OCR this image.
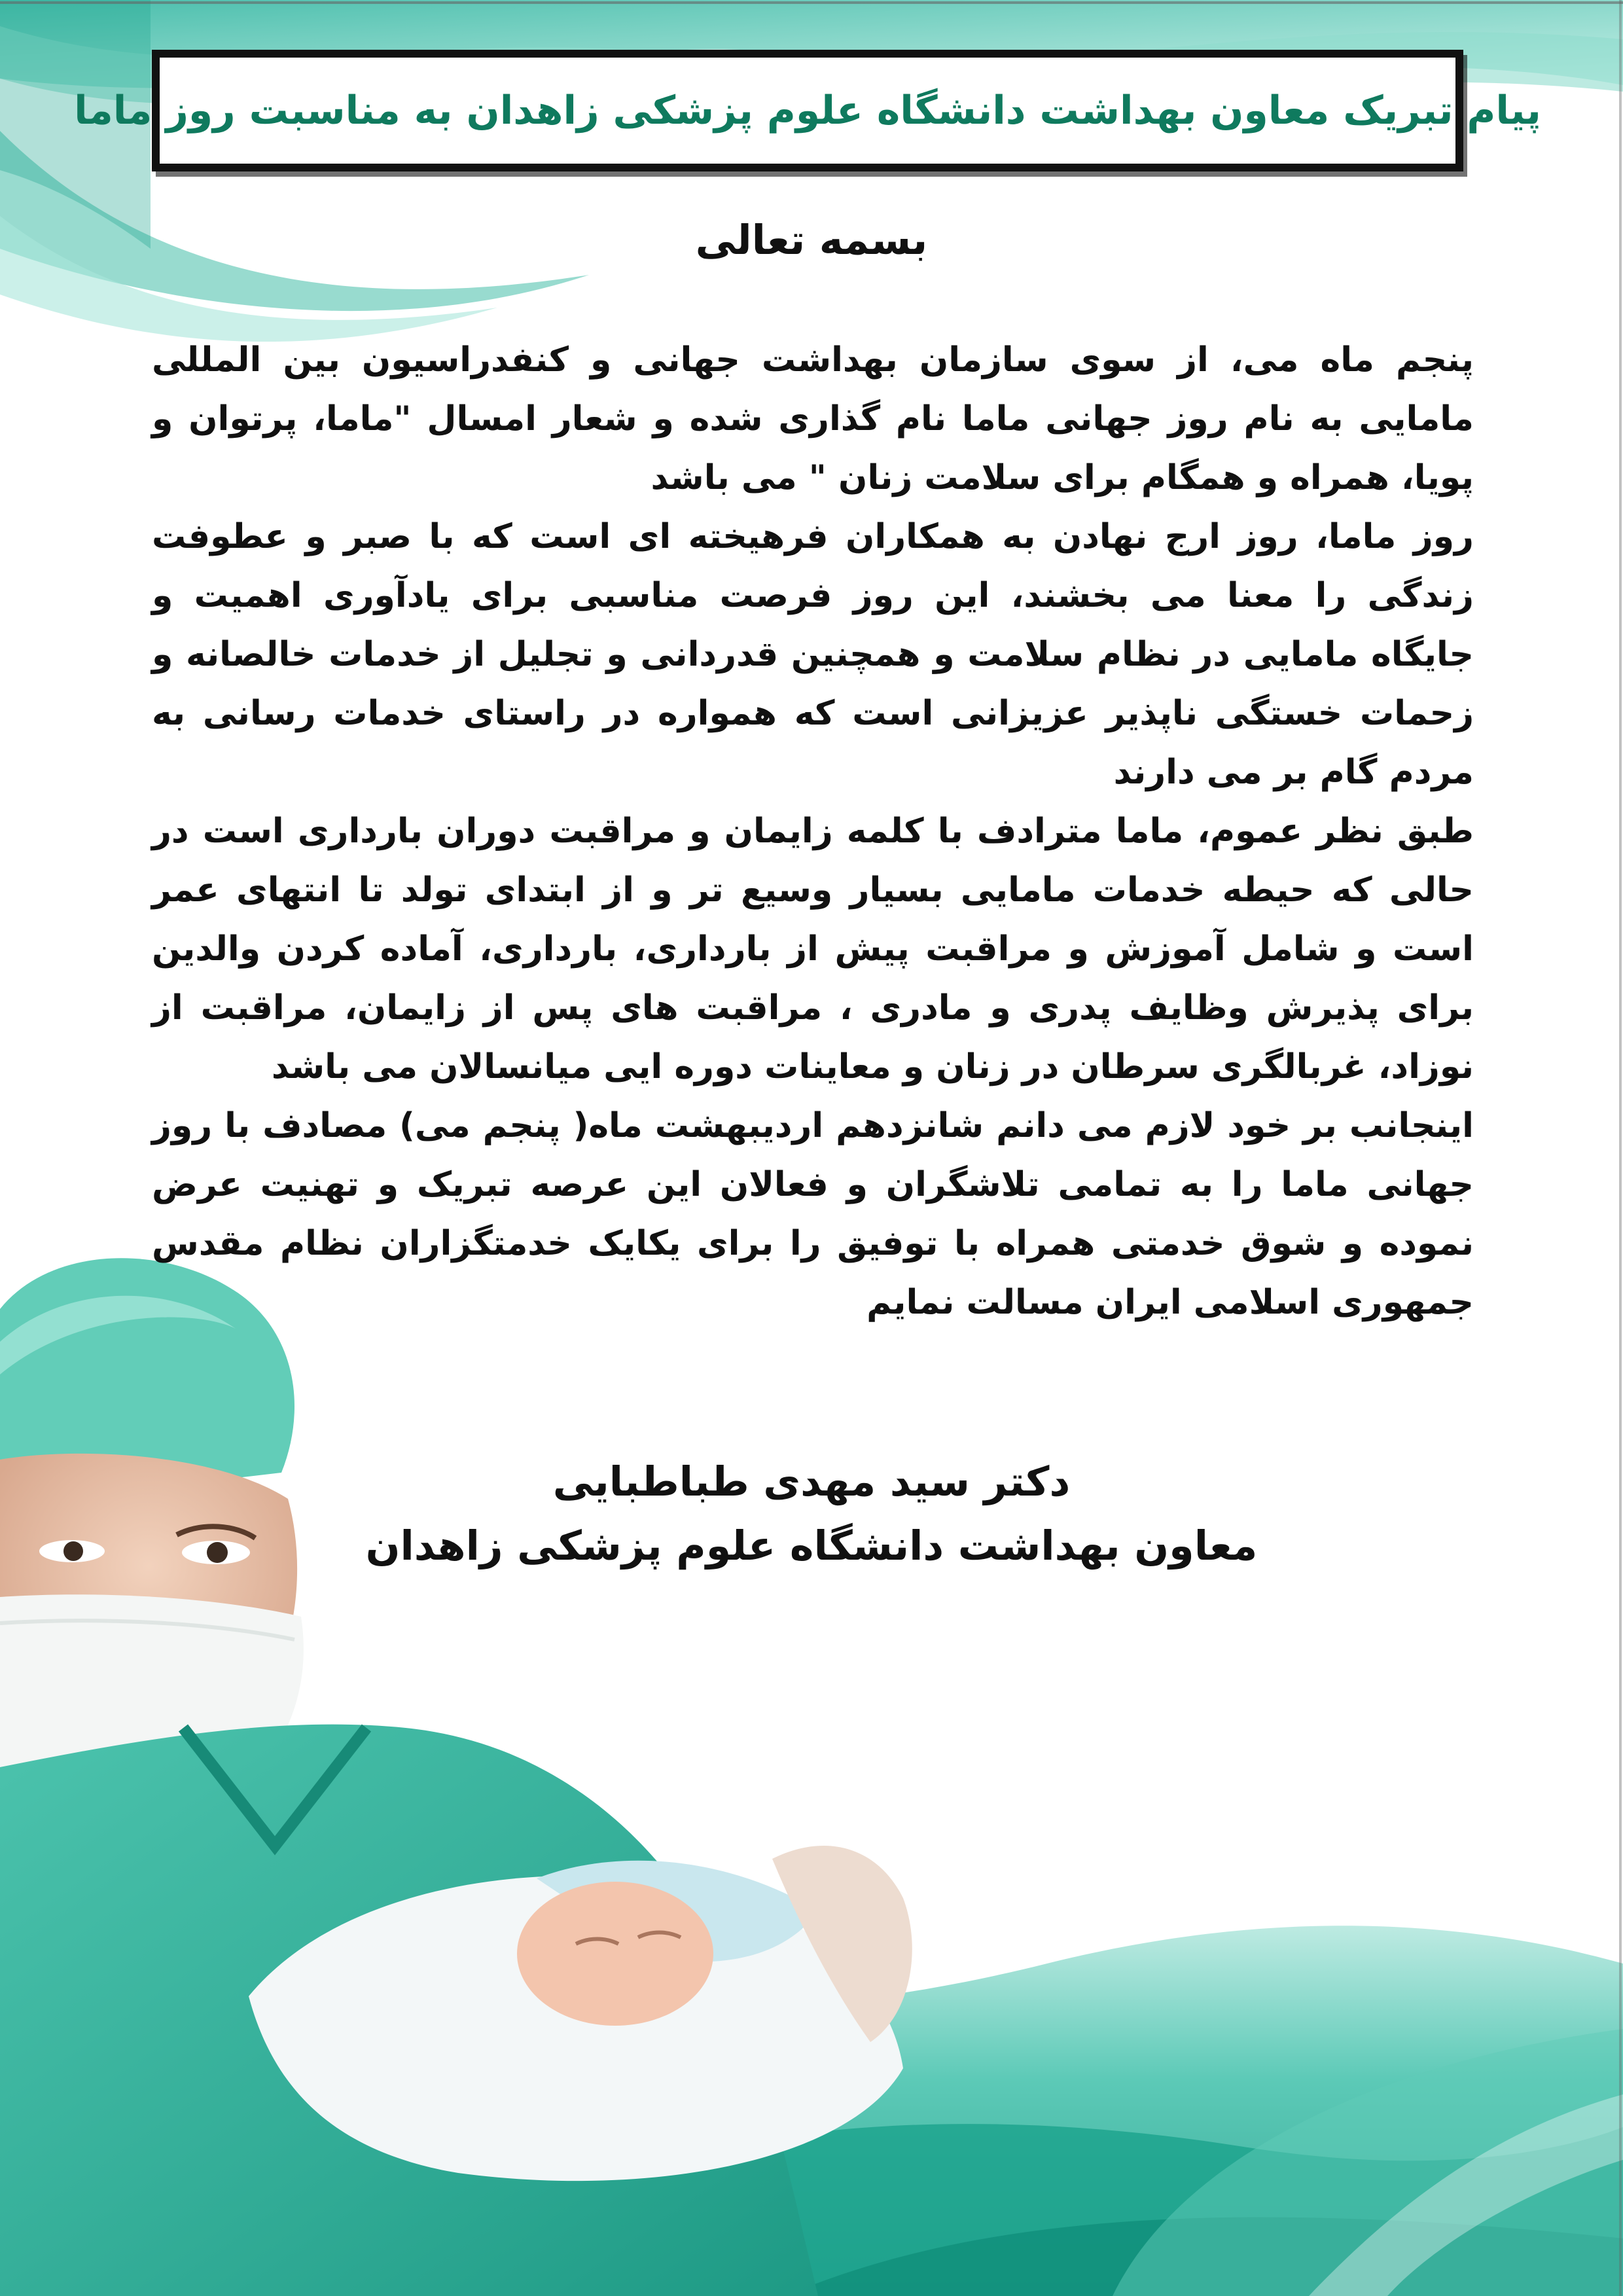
پیام تبریک معاون بهداشت دانشگاه علوم پزشکی زاهدان به مناسبت روز ماما
بسمه تعالی

پنجم ماه می، از سوی سازمان بهداشت جهانی و کنفدراسیون بین المللی مامایی به نام روز جهانی ماما نام گذاری شده و شعار امسال "ماما، پرتوان و پویا، همراه و همگام برای سلامت زنان " می باشد

روز ماما، روز ارج نهادن به همکاران فرهیخته ای است که با صبر و عطوفت زندگی را معنا می بخشند، این روز فرصت مناسبی برای یادآوری اهمیت و جایگاه مامایی در نظام سلامت و همچنین قدردانی و تجلیل از خدمات خالصانه و زحمات خستگی ناپذیر عزیزانی است که همواره در راستای خدمات رسانی به مردم گام بر می دارند

طبق نظر عموم، ماما مترادف با کلمه زایمان و مراقبت دوران بارداری است در حالی که حیطه خدمات مامایی بسیار وسیع تر و از ابتدای تولد تا انتهای عمر است و شامل آموزش و مراقبت پیش از بارداری، بارداری، آماده کردن والدین برای پذیرش وظایف پدری و مادری ، مراقبت های پس از زایمان، مراقبت از نوزاد، غربالگری سرطان در زنان و معاینات دوره ایی میانسالان می باشد

اینجانب بر خود لازم می دانم شانزدهم اردیبهشت ماه( پنجم می) مصادف با روز جهانی ماما را به تمامی تلاشگران و فعالان این عرصه تبریک و تهنیت عرض نموده و شوق خدمتی همراه با توفیق را برای یکایک خدمتگزاران نظام مقدس جمهوری اسلامی ایران مسالت نمایم

دکتر سید مهدی طباطبایی
معاون بهداشت دانشگاه علوم پزشکی زاهدان
